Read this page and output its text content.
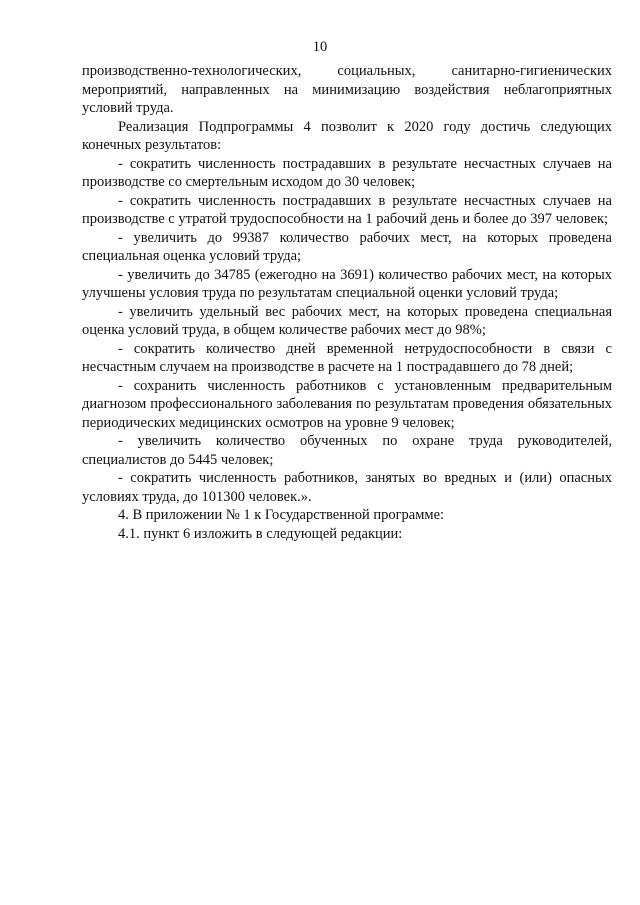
10

производственно-технологических, социальных, санитарно-гигиенических мероприятий, направленных на минимизацию воздействия неблагоприятных условий труда.

Реализация Подпрограммы 4 позволит к 2020 году достичь следующих конечных результатов:

- сократить численность пострадавших в результате несчастных случаев на производстве со смертельным исходом до 30 человек;

- сократить численность пострадавших в результате несчастных случаев на производстве с утратой трудоспособности на 1 рабочий день и более до 397 человек;

- увеличить до 99387 количество рабочих мест, на которых проведена специальная оценка условий труда;

- увеличить до 34785 (ежегодно на 3691) количество рабочих мест, на которых улучшены условия труда по результатам специальной оценки условий труда;

- увеличить удельный вес рабочих мест, на которых проведена специальная оценка условий труда, в общем количестве рабочих мест до 98%;

- сократить количество дней временной нетрудоспособности в связи с несчастным случаем на производстве в расчете на 1 пострадавшего до 78 дней;

- сохранить численность работников с установленным предварительным диагнозом профессионального заболевания по результатам проведения обязательных периодических медицинских осмотров на уровне 9 человек;

- увеличить количество обученных по охране труда руководителей, специалистов до 5445 человек;

- сократить численность работников, занятых во вредных и (или) опасных условиях труда, до 101300 человек.».

4. В приложении № 1 к Государственной программе:

4.1. пункт 6 изложить в следующей редакции:
